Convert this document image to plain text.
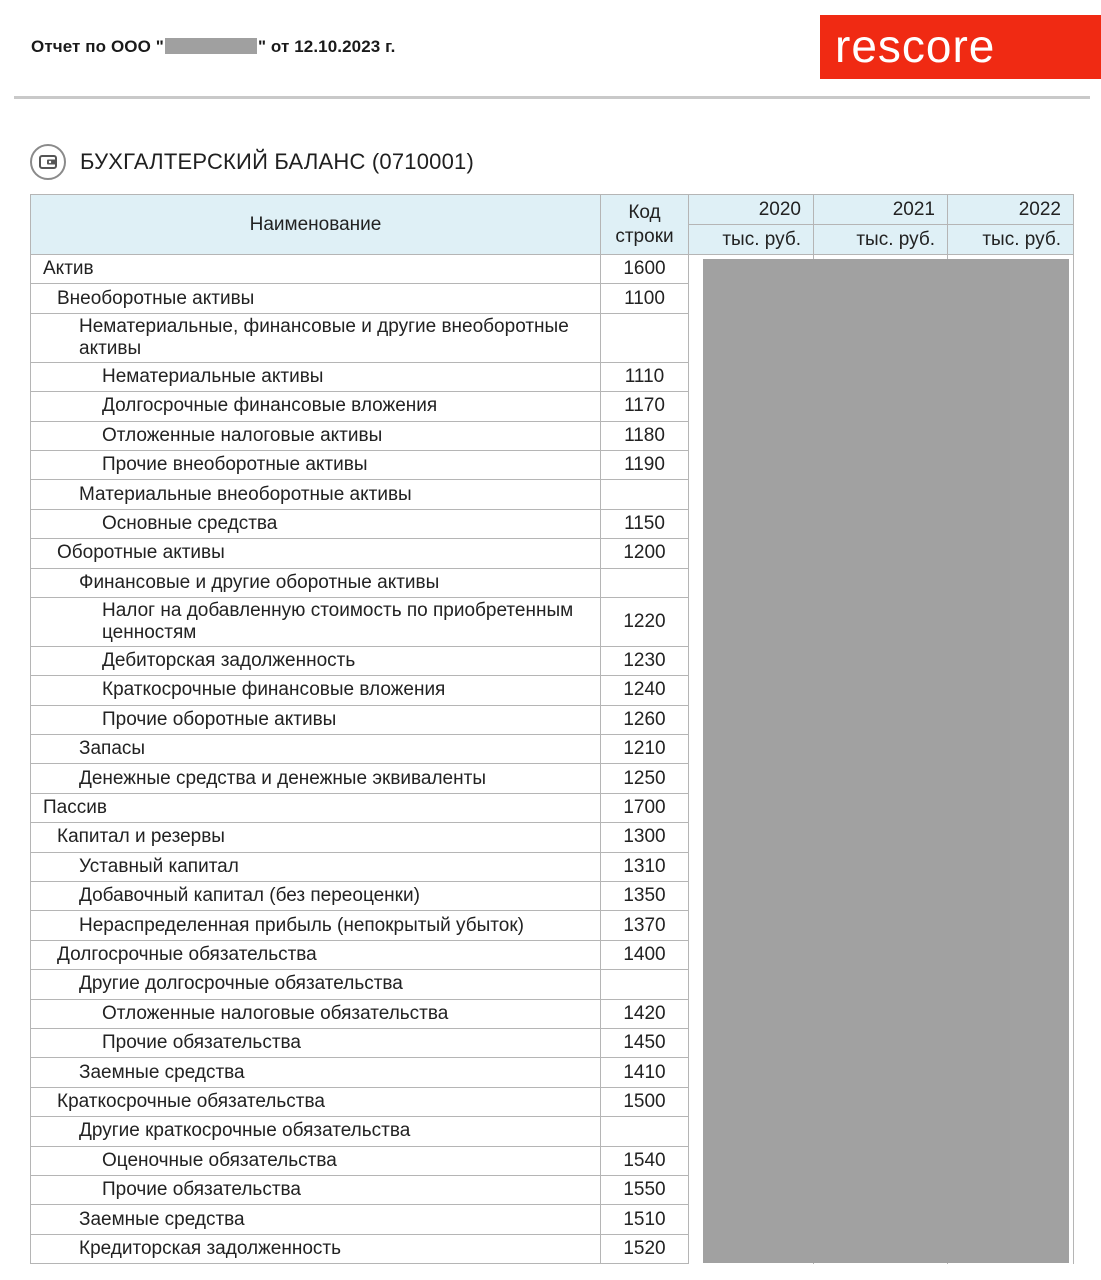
Отчет по ООО "	" от 12.10.2023 г.	rescore
БУХГАЛТЕРСКИЙ БАЛАНС (0710001)
Наименование	Код строки	2020	2021	2022
		тыс. руб.	тыс. руб.	тыс. руб.
Актив	1600			
Внеоборотные активы	1100			
Нематериальные, финансовые и другие внеоборотные активы				
Нематериальные активы	1110			
Долгосрочные финансовые вложения	1170			
Отложенные налоговые активы	1180			
Прочие внеоборотные активы	1190			
Материальные внеоборотные активы				
Основные средства	1150			
Оборотные активы	1200			
Финансовые и другие оборотные активы				
Налог на добавленную стоимость по приобретенным ценностям	1220			
Дебиторская задолженность	1230			
Краткосрочные финансовые вложения	1240			
Прочие оборотные активы	1260			
Запасы	1210			
Денежные средства и денежные эквиваленты	1250			
Пассив	1700			
Капитал и резервы	1300			
Уставный капитал	1310			
Добавочный капитал (без переоценки)	1350			
Нераспределенная прибыль (непокрытый убыток)	1370			
Долгосрочные обязательства	1400			
Другие долгосрочные обязательства				
Отложенные налоговые обязательства	1420			
Прочие обязательства	1450			
Заемные средства	1410			
Краткосрочные обязательства	1500			
Другие краткосрочные обязательства				
Оценочные обязательства	1540			
Прочие обязательства	1550			
Заемные средства	1510			
Кредиторская задолженность	1520			
